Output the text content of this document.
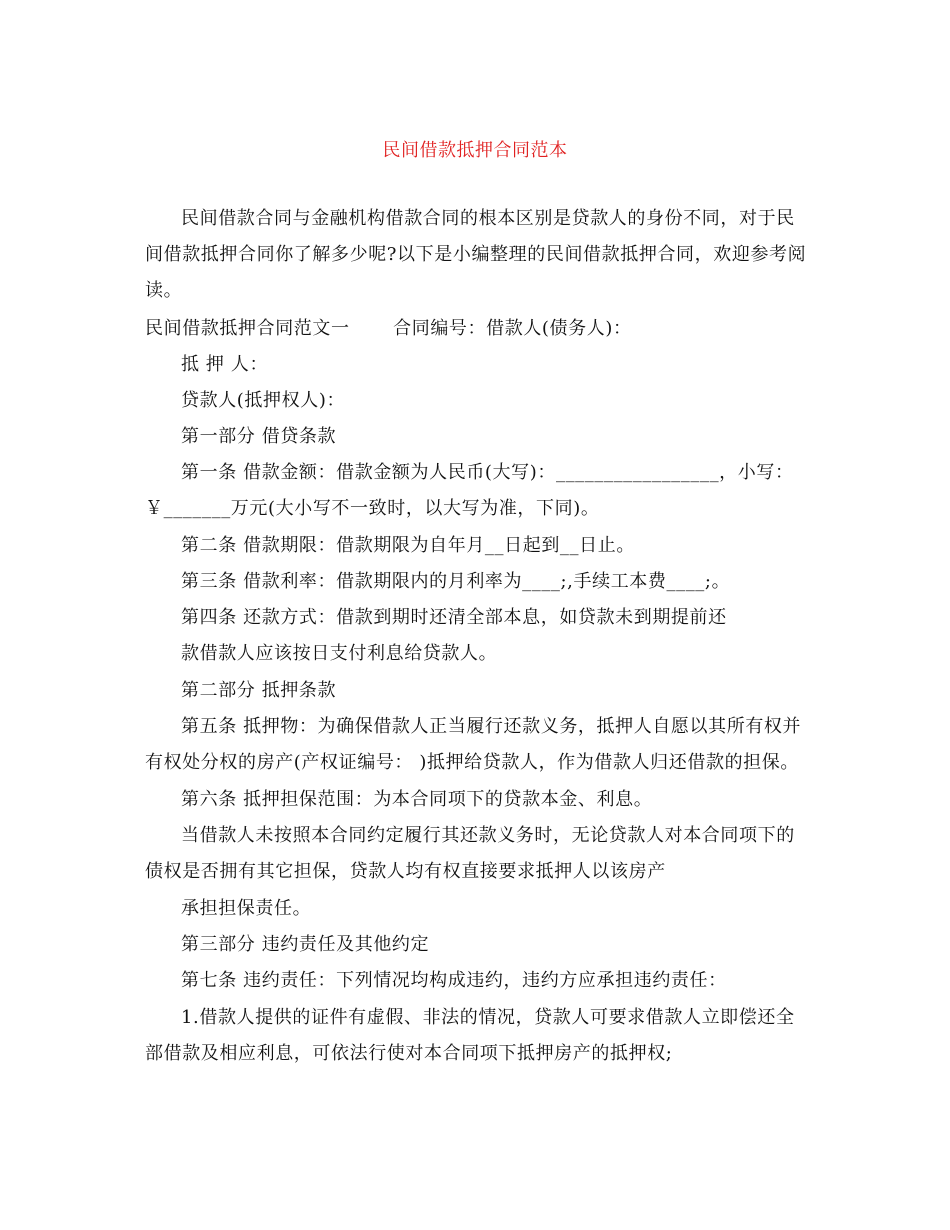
民间借款抵押合同范本
民间借款合同与金融机构借款合同的根本区别是贷款人的身份不同，对于民
间借款抵押合同你了解多少呢?以下是小编整理的民间借款抵押合同，欢迎参考阅
读。
民间借款抵押合同范文一　　 合同编号：借款人(债务人)：
抵 押 人：
贷款人(抵押权人)：
第一部分 借贷条款
第一条 借款金额：借款金额为人民币(大写)：_________________，小写：
￥_______万元(大小写不一致时，以大写为准，下同)。
第二条 借款期限：借款期限为自年月__日起到__日止。
第三条 借款利率：借款期限内的月利率为____;,手续工本费____;。
第四条 还款方式：借款到期时还清全部本息，如贷款未到期提前还
款借款人应该按日支付利息给贷款人。
第二部分 抵押条款
第五条 抵押物：为确保借款人正当履行还款义务，抵押人自愿以其所有权并
有权处分权的房产(产权证编号： )抵押给贷款人，作为借款人归还借款的担保。
第六条 抵押担保范围：为本合同项下的贷款本金、利息。
当借款人未按照本合同约定履行其还款义务时，无论贷款人对本合同项下的
债权是否拥有其它担保，贷款人均有权直接要求抵押人以该房产
承担担保责任。
第三部分 违约责任及其他约定
第七条 违约责任：下列情况均构成违约，违约方应承担违约责任：
1.借款人提供的证件有虚假、非法的情况，贷款人可要求借款人立即偿还全
部借款及相应利息，可依法行使对本合同项下抵押房产的抵押权;
